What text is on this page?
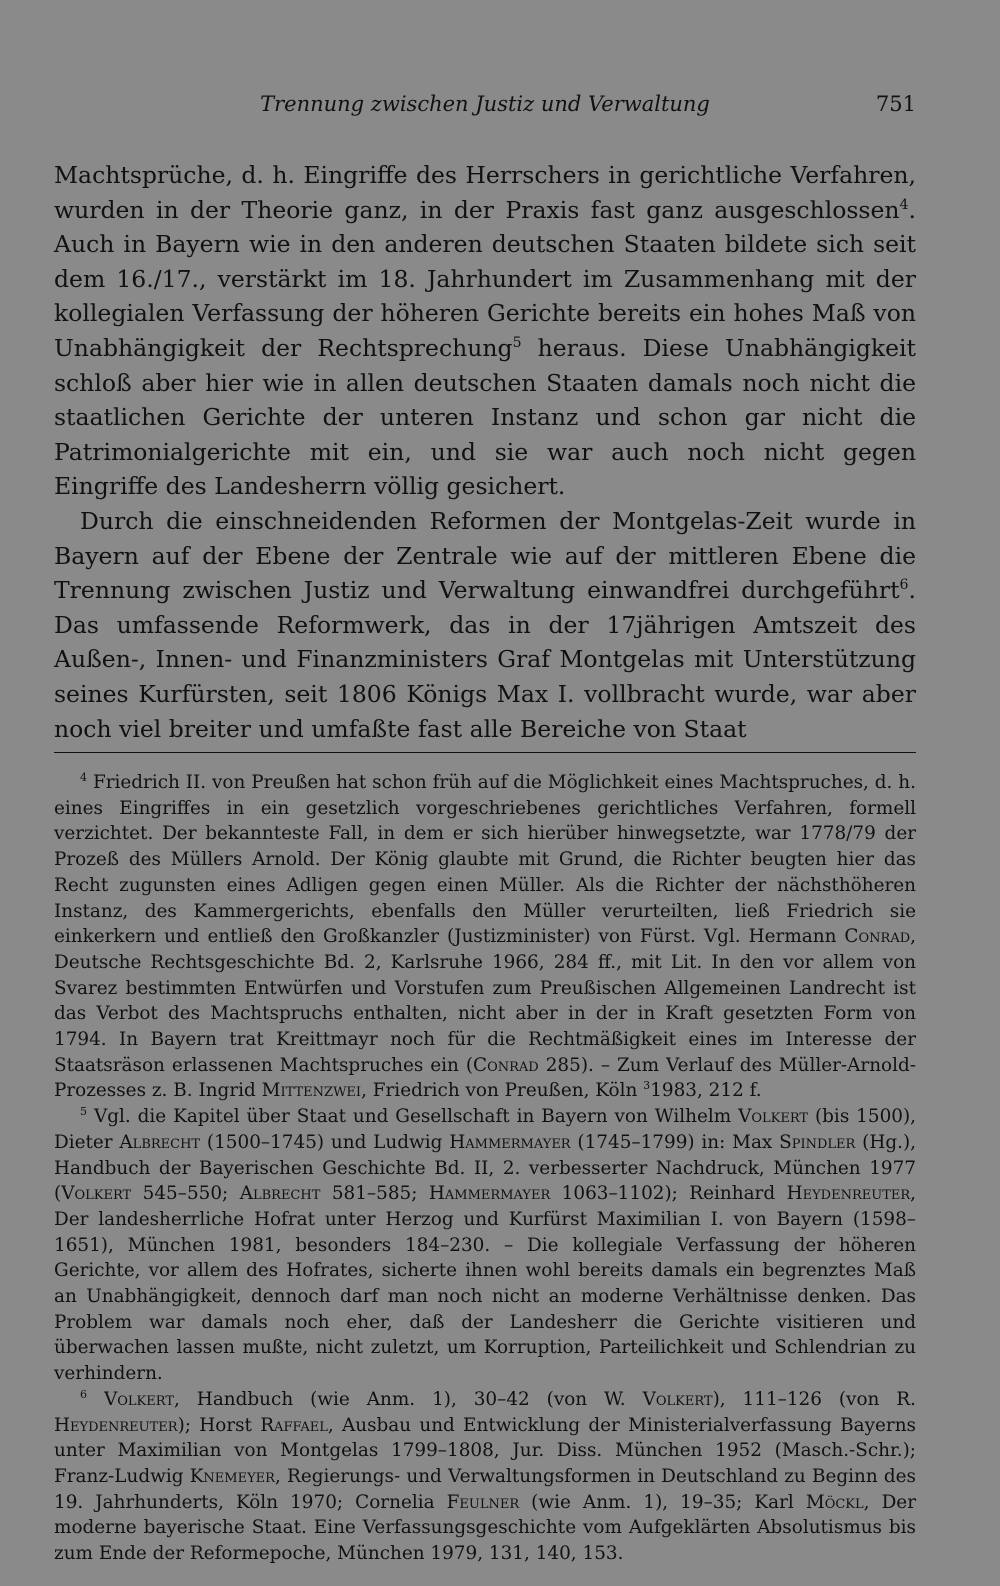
Trennung zwischen Justiz und Verwaltung	751

Machtsprüche, d. h. Eingriffe des Herrschers in gerichtliche Verfahren, wurden in der Theorie ganz, in der Praxis fast ganz ausgeschlossen$^4$. Auch in Bayern wie in den anderen deutschen Staaten bildete sich seit dem 16./17., verstärkt im 18. Jahrhundert im Zusammenhang mit der kollegialen Verfassung der höheren Gerichte bereits ein hohes Maß von Unabhängigkeit der Rechtsprechung$^5$ heraus. Diese Unabhängigkeit schloß aber hier wie in allen deutschen Staaten damals noch nicht die staatlichen Gerichte der unteren Instanz und schon gar nicht die Patrimonialgerichte mit ein, und sie war auch noch nicht gegen Eingriffe des Landesherrn völlig gesichert.

Durch die einschneidenden Reformen der Montgelas-Zeit wurde in Bayern auf der Ebene der Zentrale wie auf der mittleren Ebene die Trennung zwischen Justiz und Verwaltung einwandfrei durchgeführt$^6$. Das umfassende Reformwerk, das in der 17jährigen Amtszeit des Außen-, Innen- und Finanzministers Graf Montgelas mit Unterstützung seines Kurfürsten, seit 1806 Königs Max I. vollbracht wurde, war aber noch viel breiter und umfaßte fast alle Bereiche von Staat

$^4$ Friedrich II. von Preußen hat schon früh auf die Möglichkeit eines Machtspruches, d. h. eines Eingriffes in ein gesetzlich vorgeschriebenes gerichtliches Verfahren, formell verzichtet. Der bekannteste Fall, in dem er sich hierüber hinwegsetzte, war 1778/79 der Prozeß des Müllers Arnold. Der König glaubte mit Grund, die Richter beugten hier das Recht zugunsten eines Adligen gegen einen Müller. Als die Richter der nächsthöheren Instanz, des Kammergerichts, ebenfalls den Müller verurteilten, ließ Friedrich sie einkerkern und entließ den Großkanzler (Justizminister) von Fürst. Vgl. Hermann Conrad, Deutsche Rechtsgeschichte Bd. 2, Karlsruhe 1966, 284 ff., mit Lit. In den vor allem von Svarez bestimmten Entwürfen und Vorstufen zum Preußischen Allgemeinen Landrecht ist das Verbot des Machtspruchs enthalten, nicht aber in der in Kraft gesetzten Form von 1794. In Bayern trat Kreittmayr noch für die Rechtmäßigkeit eines im Interesse der Staatsräson erlassenen Machtspruches ein (Conrad 285). – Zum Verlauf des Müller-Arnold-Prozesses z. B. Ingrid Mittenzwei, Friedrich von Preußen, Köln $^3$1983, 212 f.

$^5$ Vgl. die Kapitel über Staat und Gesellschaft in Bayern von Wilhelm Volkert (bis 1500), Dieter Albrecht (1500–1745) und Ludwig Hammermayer (1745–1799) in: Max Spindler (Hg.), Handbuch der Bayerischen Geschichte Bd. II, 2. verbesserter Nachdruck, München 1977 (Volkert 545–550; Albrecht 581–585; Hammermayer 1063–1102); Reinhard Heydenreuter, Der landesherrliche Hofrat unter Herzog und Kurfürst Maximilian I. von Bayern (1598–1651), München 1981, besonders 184–230. – Die kollegiale Verfassung der höheren Gerichte, vor allem des Hofrates, sicherte ihnen wohl bereits damals ein begrenztes Maß an Unabhängigkeit, dennoch darf man noch nicht an moderne Verhältnisse denken. Das Problem war damals noch eher, daß der Landesherr die Gerichte visitieren und überwachen lassen mußte, nicht zuletzt, um Korruption, Parteilichkeit und Schlendrian zu verhindern.

$^6$ Volkert, Handbuch (wie Anm. 1), 30–42 (von W. Volkert), 111–126 (von R. Heydenreuter); Horst Raffael, Ausbau und Entwicklung der Ministerialverfassung Bayerns unter Maximilian von Montgelas 1799–1808, Jur. Diss. München 1952 (Masch.-Schr.); Franz-Ludwig Knemeyer, Regierungs- und Verwaltungsformen in Deutschland zu Beginn des 19. Jahrhunderts, Köln 1970; Cornelia Feulner (wie Anm. 1), 19–35; Karl Möckl, Der moderne bayerische Staat. Eine Verfassungsgeschichte vom Aufgeklärten Absolutismus bis zum Ende der Reformepoche, München 1979, 131, 140, 153.
